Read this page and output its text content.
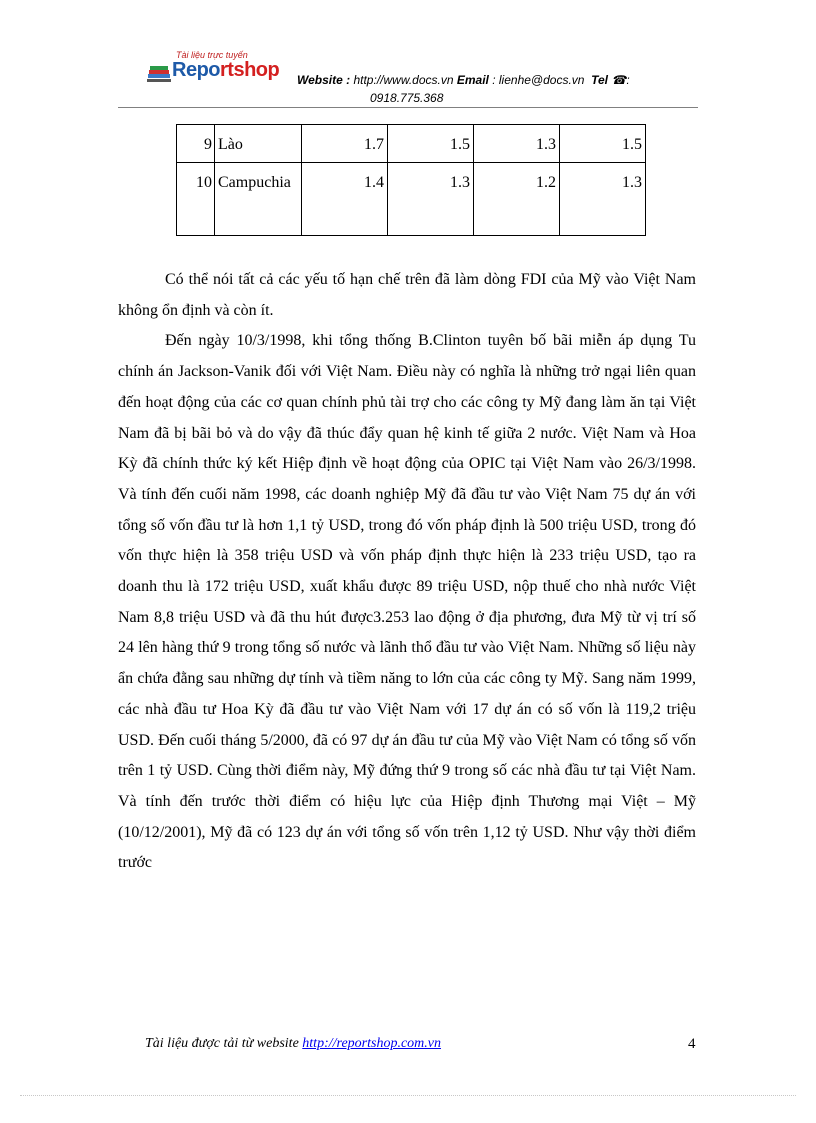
Tài liệu trực tuyến
Reportshop Website : http://www.docs.vn Email : lienhe@docs.vn Tel ☎:
0918.775.368
9	Lào	1.7	1.5	1.3	1.5
10	Campuchia	1.4	1.3	1.2	1.3

Có thể nói tất cả các yếu tố hạn chế trên đã làm dòng FDI của Mỹ vào Việt Nam không ổn định và còn ít.

Đến ngày 10/3/1998, khi tổng thống B.Clinton tuyên bố bãi miễn áp dụng Tu chính án Jackson-Vanik đối với Việt Nam. Điều này có nghĩa là những trở ngại liên quan đến hoạt động của các cơ quan chính phủ tài trợ cho các công ty Mỹ đang làm ăn tại Việt Nam đã bị bãi bỏ và do vậy đã thúc đẩy quan hệ kinh tế giữa 2 nước. Việt Nam và Hoa Kỳ đã chính thức ký kết Hiệp định về hoạt động của OPIC tại Việt Nam vào 26/3/1998. Và tính đến cuối năm 1998, các doanh nghiệp Mỹ đã đầu tư vào Việt Nam 75 dự án với tổng số vốn đầu tư là hơn 1,1 tỷ USD, trong đó vốn pháp định là 500 triệu USD, trong đó vốn thực hiện là 358 triệu USD và vốn pháp định thực hiện là 233 triệu USD, tạo ra doanh thu là 172 triệu USD, xuất khẩu được 89 triệu USD, nộp thuế cho nhà nước Việt Nam 8,8 triệu USD và đã thu hút được3.253 lao động ở địa phương, đưa Mỹ từ vị trí số 24 lên hàng thứ 9 trong tổng số nước và lãnh thổ đầu tư vào Việt Nam. Những số liệu này ẩn chứa đằng sau những dự tính và tiềm năng to lớn của các công ty Mỹ. Sang năm 1999, các nhà đầu tư Hoa Kỳ đã đầu tư vào Việt Nam với 17 dự án có số vốn là 119,2 triệu USD. Đến cuối tháng 5/2000, đã có 97 dự án đầu tư của Mỹ vào Việt Nam có tổng số vốn trên 1 tỷ USD. Cùng thời điểm này, Mỹ đứng thứ 9 trong số các nhà đầu tư tại Việt Nam. Và tính đến trước thời điểm có hiệu lực của Hiệp định Thương mại Việt – Mỹ (10/12/2001), Mỹ đã có 123 dự án với tổng số vốn trên 1,12 tỷ USD. Như vậy thời điểm trước

Tài liệu được tải từ website http://reportshop.com.vn	4
